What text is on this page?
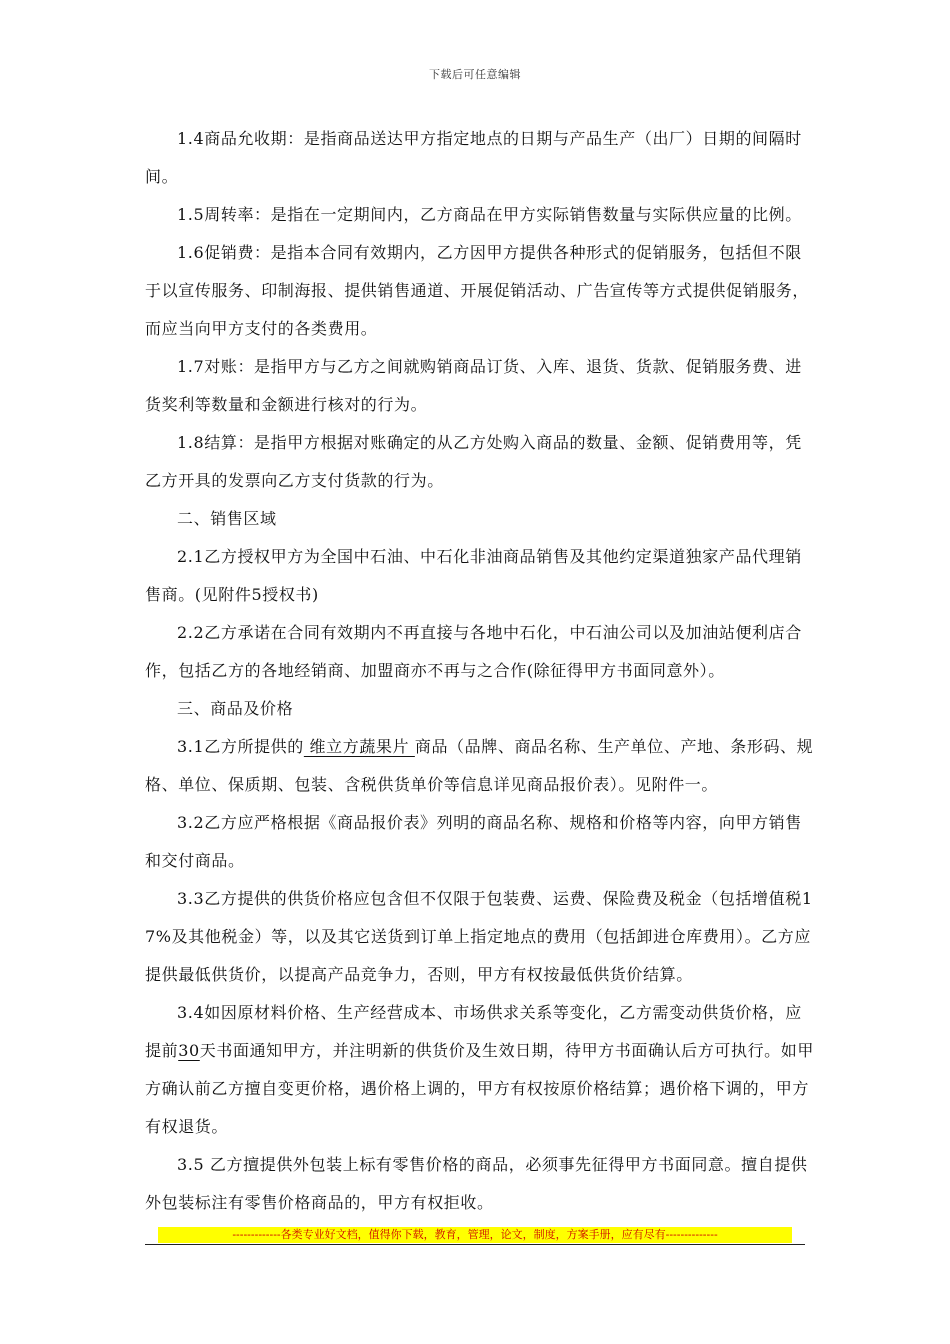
下载后可任意编辑

1.4商品允收期：是指商品送达甲方指定地点的日期与产品生产（出厂）日期的间隔时间。

1.5周转率：是指在一定期间内，乙方商品在甲方实际销售数量与实际供应量的比例。

1.6促销费：是指本合同有效期内，乙方因甲方提供各种形式的促销服务，包括但不限于以宣传服务、印制海报、提供销售通道、开展促销活动、广告宣传等方式提供促销服务，而应当向甲方支付的各类费用。

1.7对账：是指甲方与乙方之间就购销商品订货、入库、退货、货款、促销服务费、进货奖利等数量和金额进行核对的行为。

1.8结算：是指甲方根据对账确定的从乙方处购入商品的数量、金额、促销费用等，凭乙方开具的发票向乙方支付货款的行为。

二、销售区域

2.1乙方授权甲方为全国中石油、中石化非油商品销售及其他约定渠道独家产品代理销售商。(见附件5授权书)

2.2乙方承诺在合同有效期内不再直接与各地中石化，中石油公司以及加油站便利店合作，包括乙方的各地经销商、加盟商亦不再与之合作(除征得甲方书面同意外）。

三、商品及价格

3.1乙方所提供的 维立方蔬果片 商品（品牌、商品名称、生产单位、产地、条形码、规格、单位、保质期、包装、含税供货单价等信息详见商品报价表）。见附件一。

3.2乙方应严格根据《商品报价表》列明的商品名称、规格和价格等内容，向甲方销售和交付商品。

3.3乙方提供的供货价格应包含但不仅限于包装费、运费、保险费及税金（包括增值税17%及其他税金）等，以及其它送货到订单上指定地点的费用（包括卸进仓库费用）。乙方应提供最低供货价，以提高产品竞争力，否则，甲方有权按最低供货价结算。

3.4如因原材料价格、生产经营成本、市场供求关系等变化，乙方需变动供货价格，应提前30天书面通知甲方，并注明新的供货价及生效日期，待甲方书面确认后方可执行。如甲方确认前乙方擅自变更价格，遇价格上调的，甲方有权按原价格结算；遇价格下调的，甲方有权退货。

3.5 乙方擅提供外包装上标有零售价格的商品，必须事先征得甲方书面同意。擅自提供外包装标注有零售价格商品的，甲方有权拒收。

-------------各类专业好文档，值得你下载，教育，管理，论文，制度，方案手册，应有尽有--------------
